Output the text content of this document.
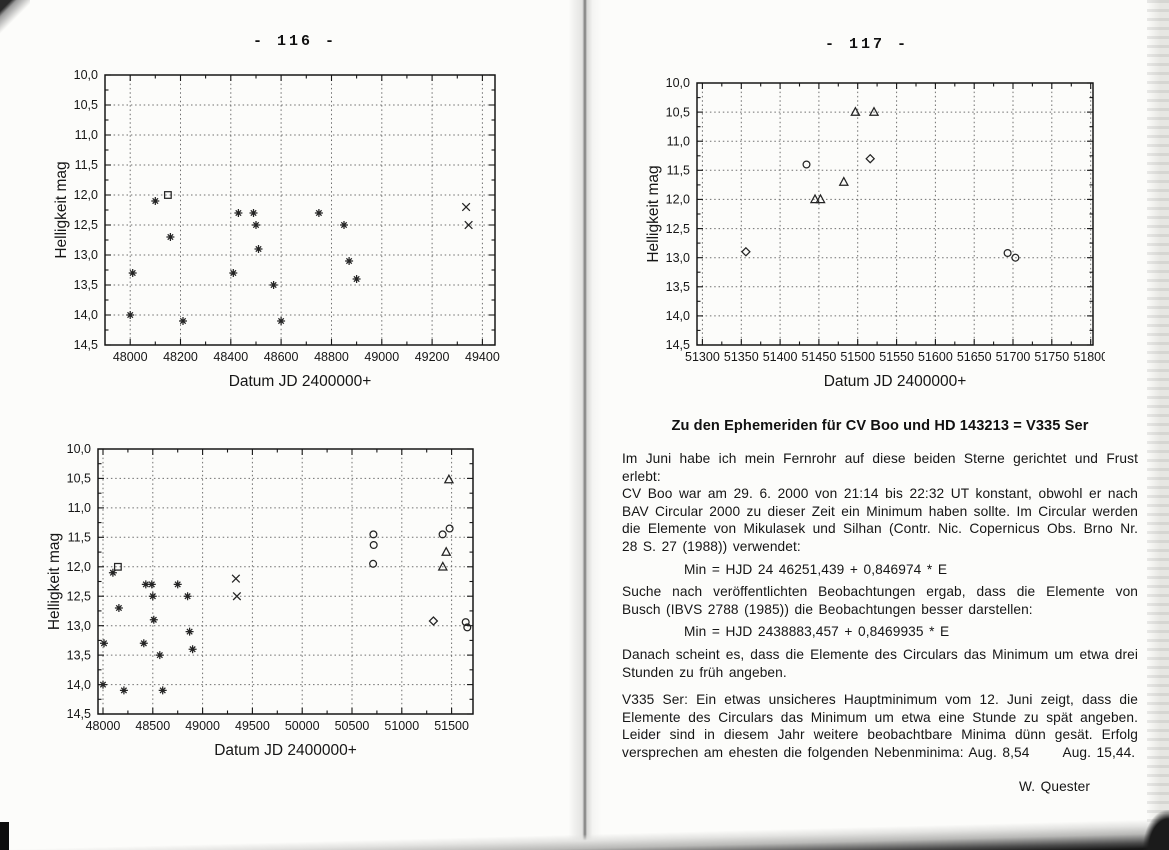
- 116 -	- 117 -
48000 48200 48400 48600 48800 49000 49200 49400
10,0
10,5
11,0
11,5
12,0
12,5
13,0
13,5
14,0
14,5
Datum JD 2400000+
Helligkeit mag
48000 48500 49000 49500 50000 50500 51000 51500
10,0
10,5
11,0
11,5
12,0
12,5
13,0
13,5
14,0
14,5
Datum JD 2400000+
Helligkeit mag
51300 51350 51400 51450 51500 51550 51600 51650 51700 51750 51800
10,0
10,5
11,0
11,5
12,0
12,5
13,0
13,5
14,0
14,5
Datum JD 2400000+
Helligkeit mag
Zu den Ephemeriden für CV Boo und HD 143213 = V335 Ser

Im Juni habe ich mein Fernrohr auf diese beiden Sterne gerichtet und Frust erlebt:

CV Boo war am 29. 6. 2000 von 21:14 bis 22:32 UT konstant, obwohl er nach BAV Circular 2000 zu dieser Zeit ein Minimum haben sollte. Im Circular werden die Elemente von Mikulasek und Silhan (Contr. Nic. Copernicus Obs. Brno Nr. 28 S. 27 (1988)) verwendet:

Min = HJD 24 46251,439 + 0,846974 * E

Suche nach veröffentlichten Beobachtungen ergab, dass die Elemente von Busch (IBVS 2788 (1985)) die Beobachtungen besser darstellen:

Min = HJD 2438883,457 + 0,8469935 * E

Danach scheint es, dass die Elemente des Circulars das Minimum um etwa drei Stunden zu früh angeben.

V335 Ser: Ein etwas unsicheres Hauptminimum vom 12. Juni zeigt, dass die Elemente des Circulars das Minimum um etwa eine Stunde zu spät angeben. Leider sind in diesem Jahr weitere beobachtbare Minima dünn gesät. Erfolg versprechen am ehesten die folgenden Nebenminima: Aug. 8,54      Aug. 15,44.

W. Quester
